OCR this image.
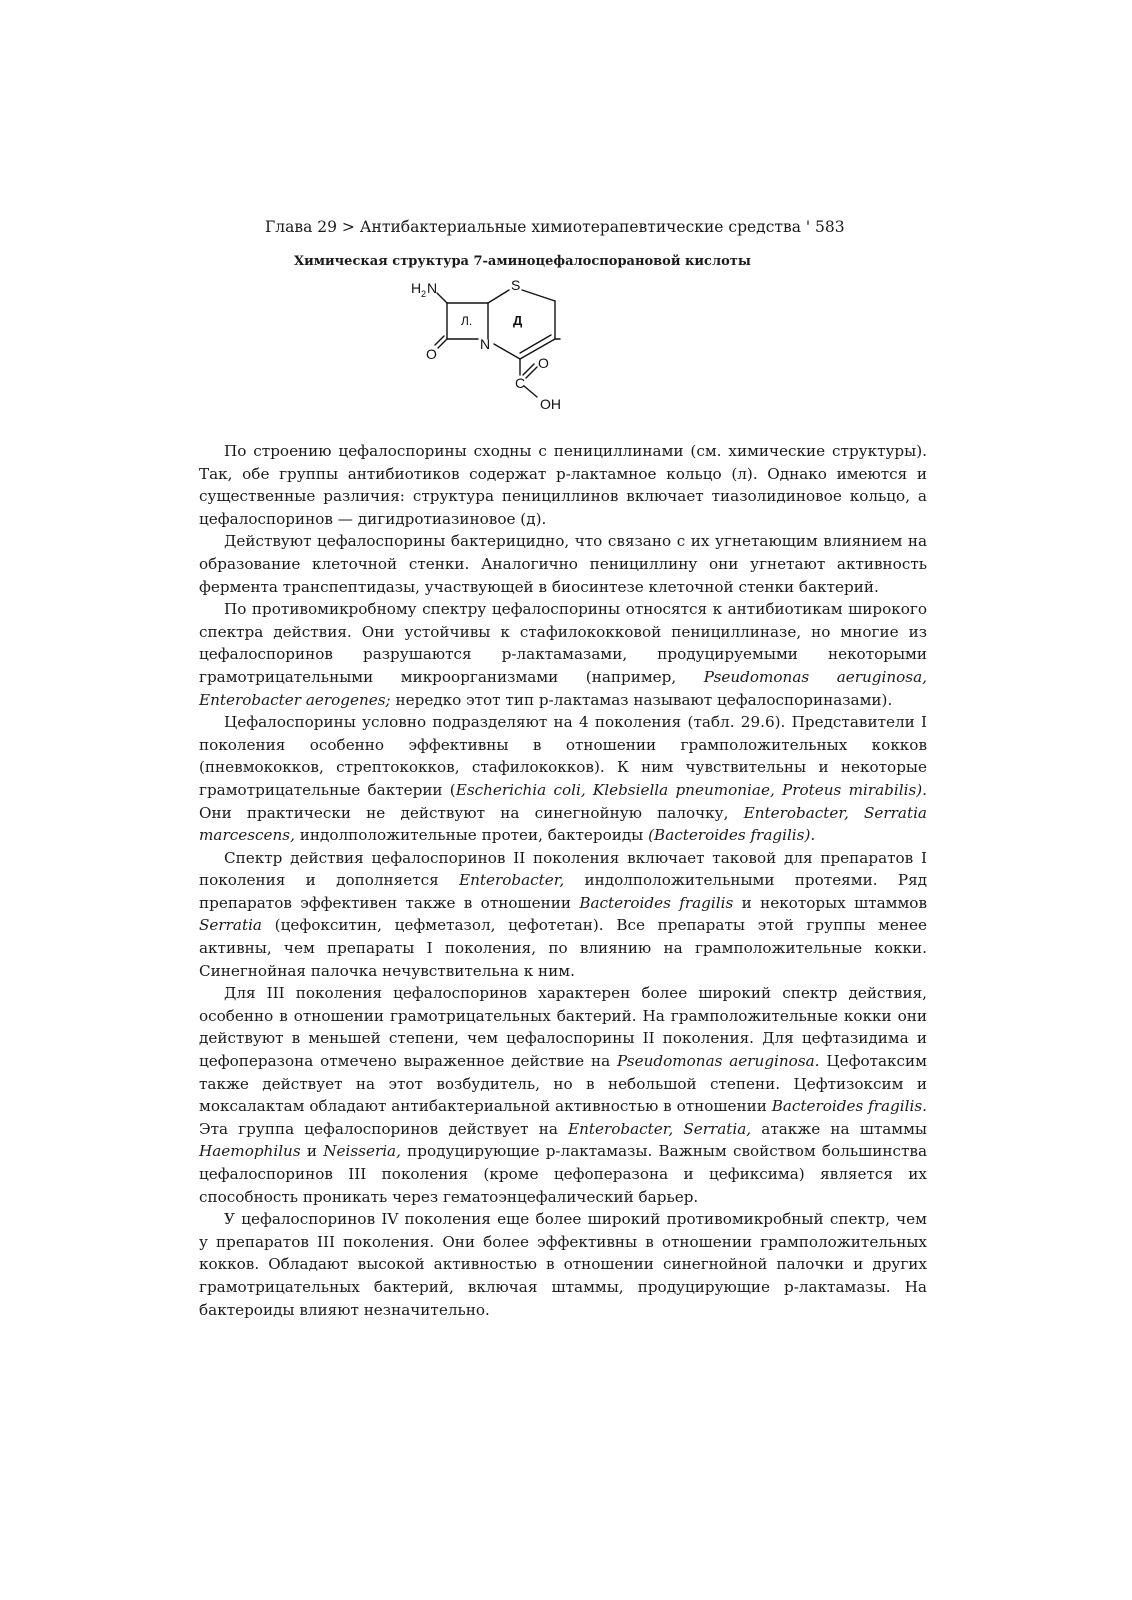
Глава 29 > Антибактериальные химиотерапевтические средства ' 583
Химическая структура 7-аминоцефалоспорановой кислоты
H 2 N	S
Л.	Д
N
O
C
O
OH

По строению цефалоспорины сходны с пенициллинами (см. химические структуры). Так, обе группы антибиотиков содержат р-лактамное кольцо (л). Однако имеются и существенные различия: структура пенициллинов включает тиазолидиновое кольцо, а цефалоспоринов — дигидротиазиновое (д).

Действуют цефалоспорины бактерицидно, что связано с их угнетающим влиянием на образование клеточной стенки. Аналогично пенициллину они угнетают активность фермента транспептидазы, участвующей в биосинтезе клеточной стенки бактерий.

По противомикробному спектру цефалоспорины относятся к антибиотикам широкого спектра действия. Они устойчивы к стафилококковой пенициллиназе, но многие из цефалоспоринов разрушаются р-лактамазами, продуцируемыми некоторыми грамотрицательными микроорганизмами (например, Pseudomonas aeruginosa, Enterobacter aerogenes; нередко этот тип р-лактамаз называют цефалоспориназами).

Цефалоспорины условно подразделяют на 4 поколения (табл. 29.6). Представители I поколения особенно эффективны в отношении грамположительных кокков (пневмококков, стрептококков, стафилококков). К ним чувствительны и некоторые грамотрицательные бактерии (Escherichia coli, Klebsiella pneumoniae, Proteus mirabilis). Они практически не действуют на синегнойную палочку, Enterobacter, Serratia marcescens, индолположительные протеи, бактероиды (Bacteroides fragilis).

Спектр действия цефалоспоринов II поколения включает таковой для препаратов I поколения и дополняется Enterobacter, индолположительными протеями. Ряд препаратов эффективен также в отношении Bacteroides fragilis и некоторых штаммов Serratia (цефокситин, цефметазол, цефотетан). Все препараты этой группы менее активны, чем препараты I поколения, по влиянию на грамположительные кокки. Синегнойная палочка нечувствительна к ним.

Для III поколения цефалоспоринов характерен более широкий спектр действия, особенно в отношении грамотрицательных бактерий. На грамположительные кокки они действуют в меньшей степени, чем цефалоспорины II поколения. Для цефтазидима и цефоперазона отмечено выраженное действие на Pseudomonas aeruginosa. Цефотаксим также действует на этот возбудитель, но в небольшой степени. Цефтизоксим и моксалактам обладают антибактериальной активностью в отношении Bacteroides fragilis. Эта группа цефалоспоринов действует на Enterobacter, Serratia, атакже на штаммы Haemophilus и Neisseria, продуцирующие р-лактамазы. Важным свойством большинства цефалоспоринов III поколения (кроме цефоперазона и цефиксима) является их способность проникать через гематоэнцефалический барьер.

У цефалоспоринов IV поколения еще более широкий противомикробный спектр, чем у препаратов III поколения. Они более эффективны в отношении грамположительных кокков. Обладают высокой активностью в отношении синегнойной палочки и других грамотрицательных бактерий, включая штаммы, продуцирующие р-лактамазы. На бактероиды влияют незначительно.
